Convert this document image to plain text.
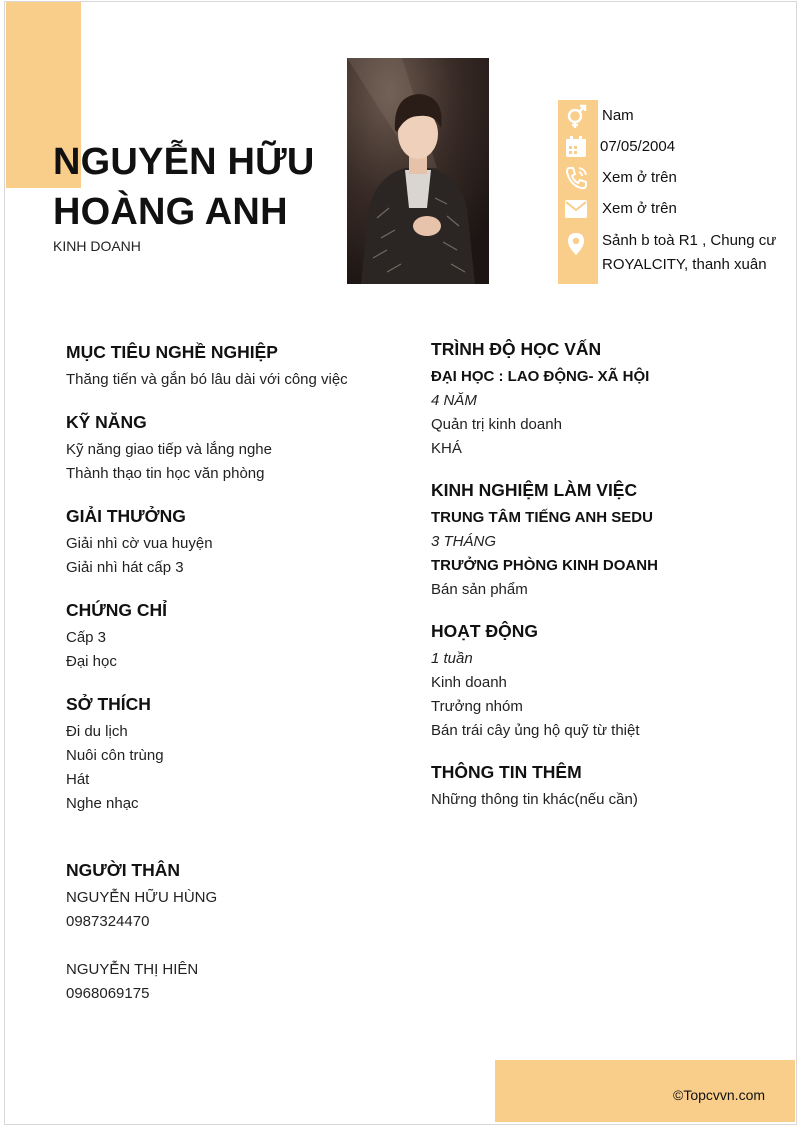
NGUYỄN HỮU
HOÀNG ANH
KINH DOANH
Nam
07/05/2004
Xem ở trên
Xem ở trên
Sảnh b toà R1 , Chung cư
ROYALCITY, thanh xuân
MỤC TIÊU NGHỀ NGHIỆP
Thăng tiến và gắn bó lâu dài với công việc
KỸ NĂNG
Kỹ năng giao tiếp và lắng nghe
Thành thạo tin học văn phòng
GIẢI THƯỞNG
Giải nhì cờ vua huyện
Giải nhì hát cấp 3
CHỨNG CHỈ
Cấp 3
Đại học
SỞ THÍCH
Đi du lịch
Nuôi côn trùng
Hát
Nghe nhạc
NGƯỜI THÂN
NGUYỄN HỮU HÙNG
0987324470
NGUYỄN THỊ HIÊN
0968069175
TRÌNH ĐỘ HỌC VẤN
ĐẠI HỌC : LAO ĐỘNG- XÃ HỘI
4 NĂM
Quản trị kinh doanh
KHÁ
KINH NGHIỆM LÀM VIỆC
TRUNG TÂM TIẾNG ANH SEDU
3 THÁNG
TRƯỞNG PHÒNG KINH DOANH
Bán sản phẩm
HOẠT ĐỘNG
1 tuần
Kinh doanh
Trưởng nhóm
Bán trái cây ủng hộ quỹ từ thiệt
THÔNG TIN THÊM
Những thông tin khác(nếu cần)
©Topcvvn.com
